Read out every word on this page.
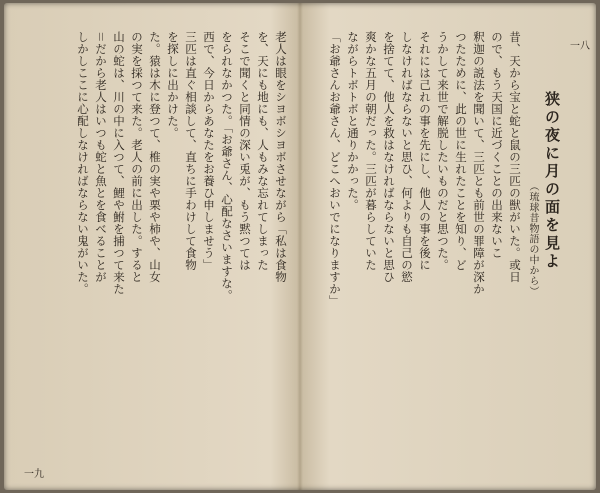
狭の夜に月の面を見よ
（琉球昔物語の中から）
昔、天から宝と蛇と鼠の三匹の獣がいた。或日
ので、もう天国に近づくことの出来ないこ
釈迦の説法を聞いて、三匹とも前世の罪障が深か
つたために、此の世に生れたことを知り、ど
うかして来世で解脱したいものだと思つた。
それには己れの事を先にし、他人の事を後に
しなければならないと思ひ、何よりも自己の慾
を捨てて、他人を救はなければならないと思ひ
爽かな五月の朝だった。三匹が暮らしていた
ながらトボトボと通りかかった。
「お爺さんお爺さん、どこへおいでになりますか」
老人は眼をシヨボシヨボさせながら「私は食物
を、天にも地にも、人もみな忘れてしまった
そこで聞くと同情の深い兎が、もう黙つては
をられなかつた。「お爺さん、心配なさいますな。
西で、今日からあなたをお養ひ申しませう」
三匹は直ぐ相談して、直ちに手わけして食物
を探しに出かけた。
た。猿は木に登つて、椎の実や栗や柿や、山女
の実を採つて来た。老人の前に出した。すると
山の蛇は、川の中に入つて、鯉や鮒を捕つて来た
＝だから老人はいつも蛇と魚とを食べることが
しかしここに心配しなければならない鬼がいた。	一八
一九
